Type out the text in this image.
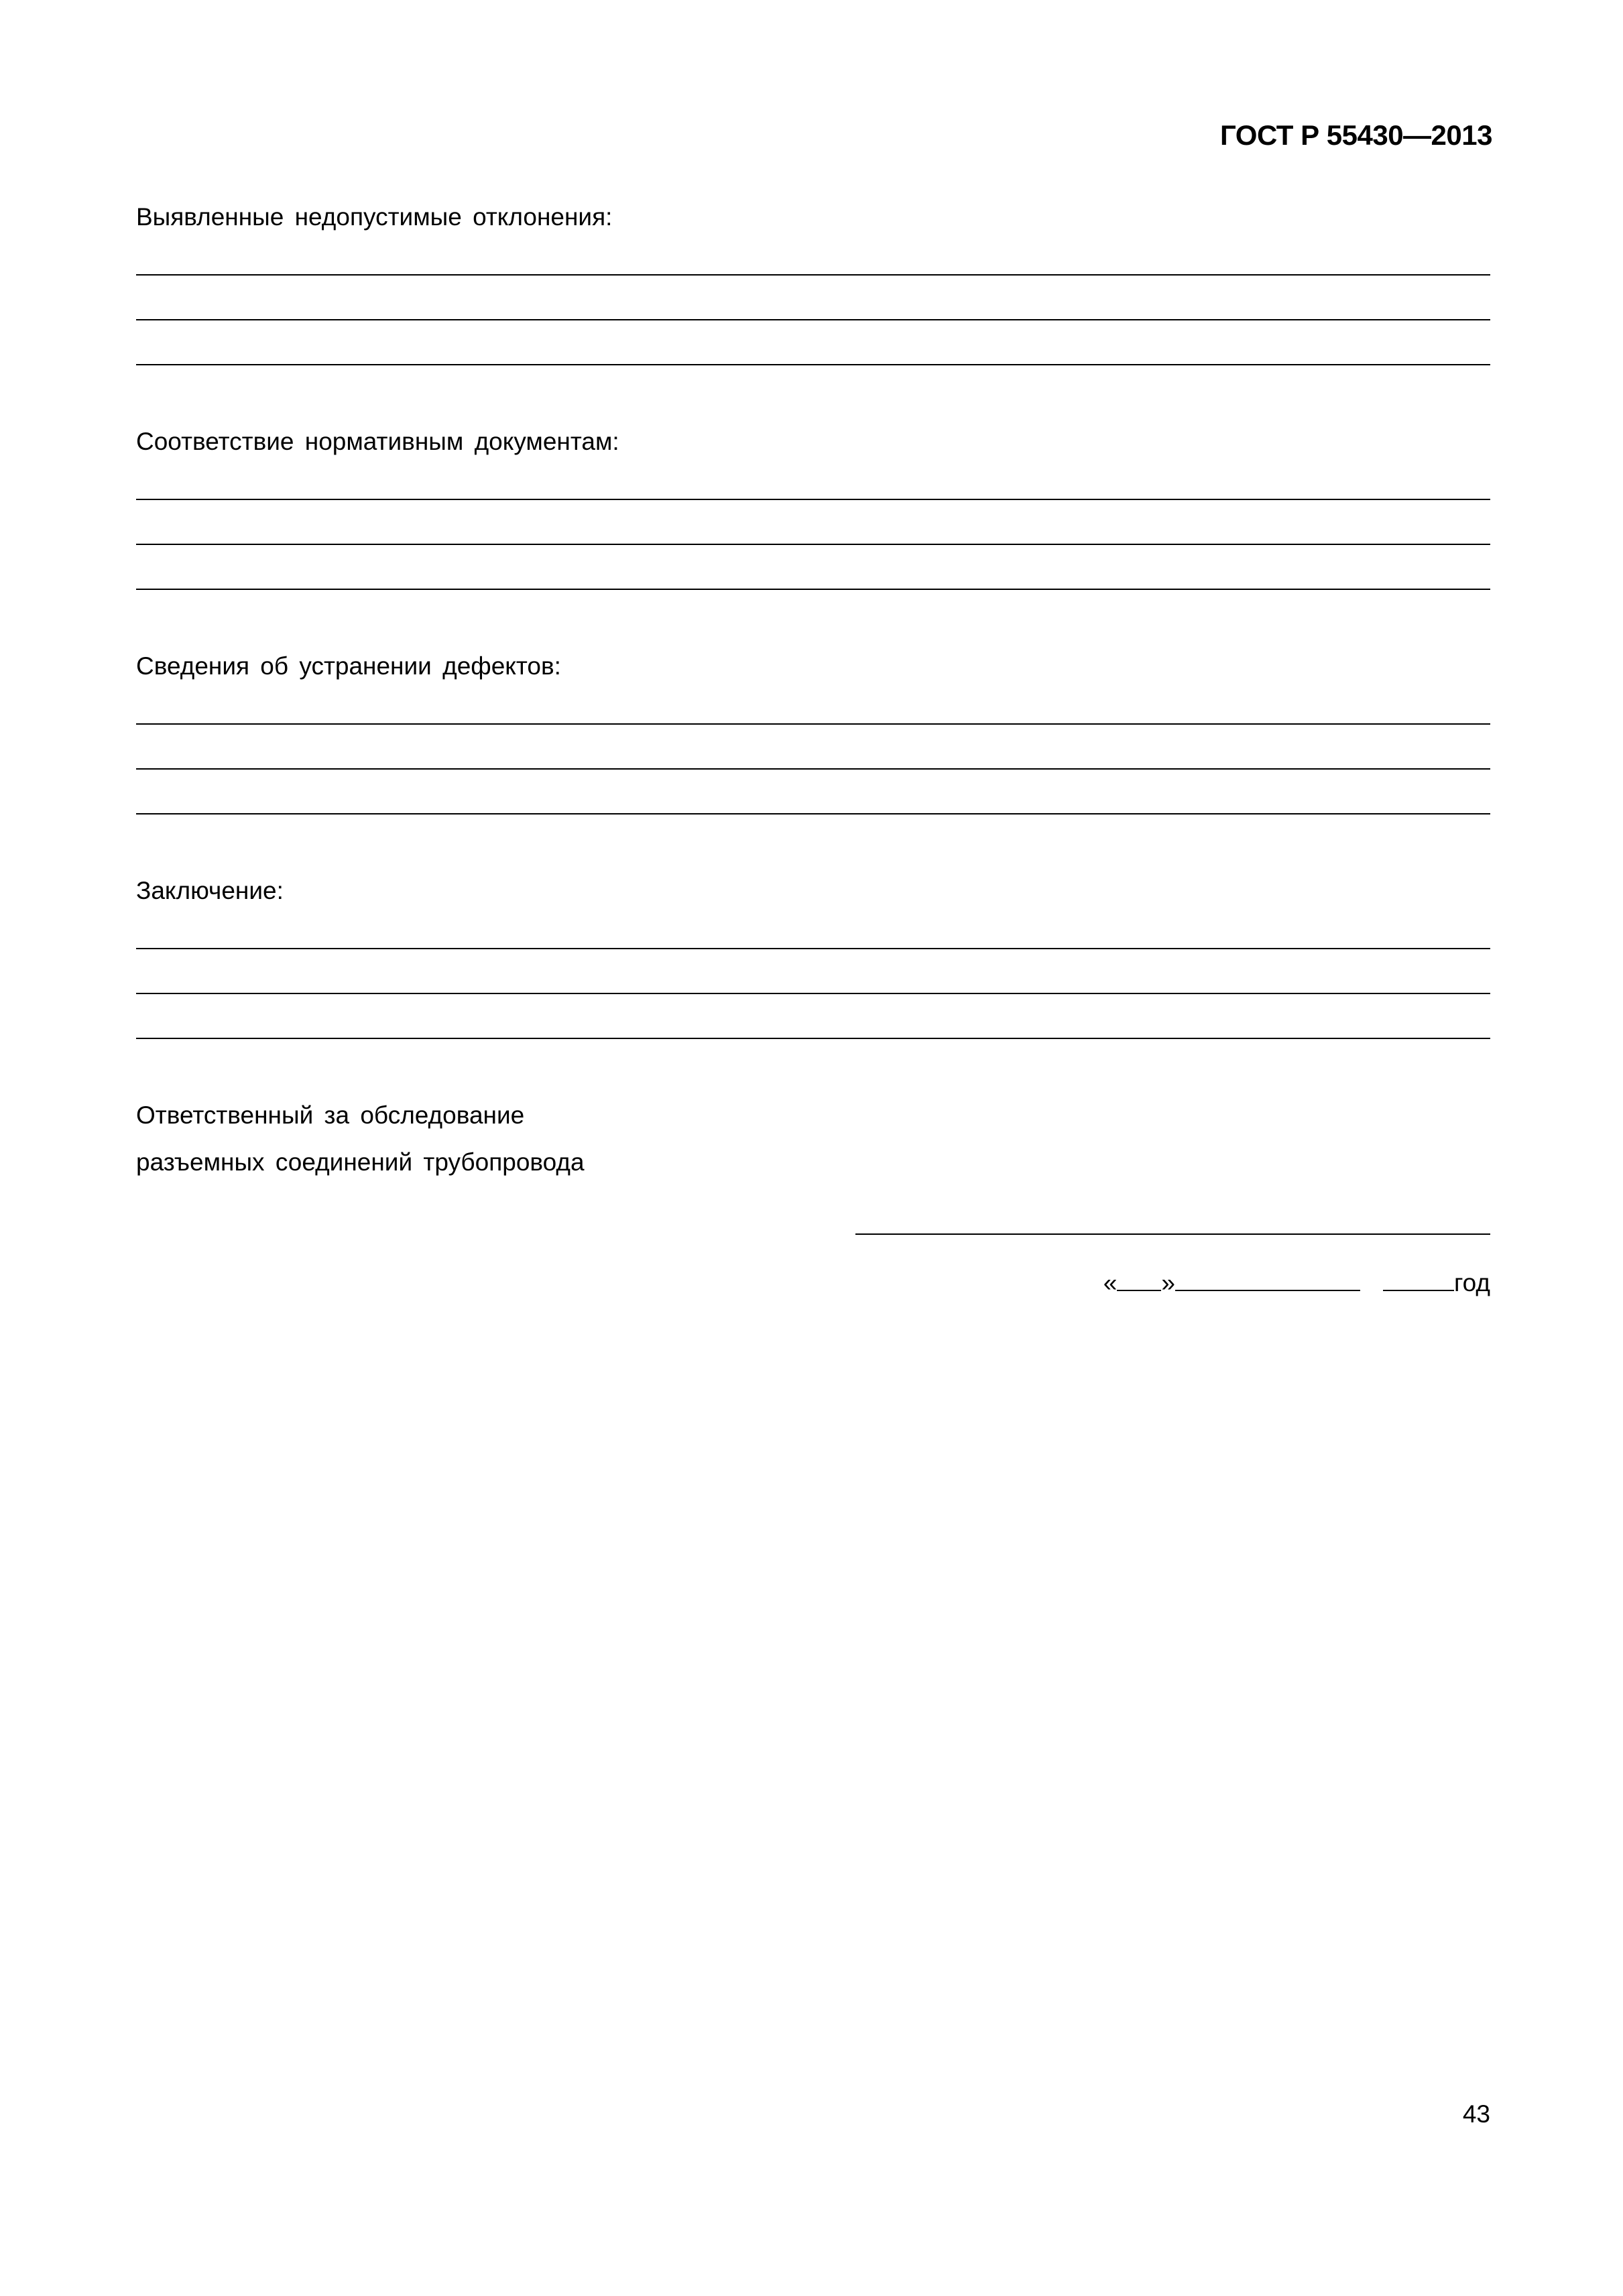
ГОСТ Р 55430—2013
Выявленные недопустимые отклонения:
Соответствие нормативным документам:
Сведения об устранении дефектов:
Заключение:
Ответственный за обследование
разъемных соединений трубопровода
« »	год
43
